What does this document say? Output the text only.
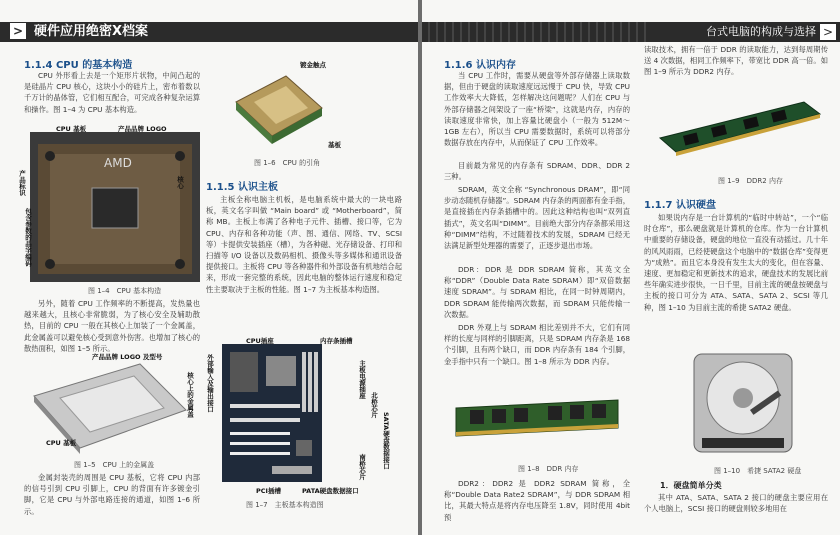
> 硬件应用绝密X档案
1.1.4 CPU 的基本构造
CPU 外形看上去是一个矩形片状物，中间凸起的是硅晶片 CPU 核心，这块小小的硅片上，密布着数以千万计的晶体管，它们相互配合，可完成各种复杂运算和操作。图 1–4 为 CPU 基本构造。
AMD
CPU 基板	产品品牌 LOGO
核心
产品标识
包含参数的品字编码
图 1–4　CPU 基本构造
另外，随着 CPU 工作频率的不断提高，发热量也越来越大，且核心非常脆弱，为了核心安全及辅助散热，目前的 CPU 一般在其核心上加装了一个金属盖，此金属盖可以避免核心受到意外伤害。也增加了核心的散热面积，如图 1–5 所示。
产品品牌 LOGO 及型号
核心上的金属盖
CPU 基板
图 1–5　CPU 上的金属盖
金属封装壳的周围是 CPU 基板，它将 CPU 内部的信号引到 CPU 引脚上，CPU 的背面有许多镀金引脚，它是 CPU 与外部电路连接的通道，如图 1–6 所示。
镀金触点
基板
图 1–6　CPU 的引角
1.1.5 认识主板
主板全称电脑主机板，是电脑系统中最大的一块电路板，英文名字叫做 “Main board” 或 “Motherboard”，简称 MB。主板上布满了各种电子元件、插槽、接口等，它为 CPU、内存和各种功能（声、图、通信、网络、TV、SCSI 等）卡提供安装插座（槽），为各种磁、光存储设备、打印和扫描等 I/O 设备以及数码相机、摄像头等多媒体和通讯设备提供接口。主板将 CPU 等各种器件和外部设备有机地结合起来，形成一套完整的系统，因此电脑的整体运行速度和稳定性主要取决于主板的性能。图 1–7 为主板基本构造图。
CPU插座	内存条插槽
外部输入及输出接口	主板电源插座
北桥芯片
SATA硬盘数据接口
南桥芯片
PCI插槽	PATA硬盘数据接口
图 1–7　主板基本构造图
台式电脑的构成与选择 >
1.1.6 认识内存
当 CPU 工作时，需要从硬盘等外部存储器上读取数据，但由于硬盘的读取速度远远慢于 CPU 快，导致 CPU 工作效率大大降低，怎样解决这问题呢？人们在 CPU 与外部存储器之间架设了一座“桥梁”，这就是内存，内存的读取速度非常快，加上容量比硬盘小（一般为 512M～1GB 左右），所以当 CPU 需要数据时，系统可以将部分数据存放在内存中，从而保证了 CPU 工作效率。
目前最为常见的内存条有 SDRAM、DDR、DDR 2 三种。
SDRAM，英文全称 “Synchronous DRAM”，即“同步动态随机存储器”。SDRAM 内存条的两面都有金手指，是直接插在内存条插槽中的。因此这种结构也叫“双列直插式”，英文名叫“DIMM”。目前绝大部分内存条都采用这种“DIMM”结构，不过随着技术的发展，SDRAM 已经无法满足新型处理器的需要了，正逐步退出市场。
DDR：DDR 是 DDR SDRAM 简称，其英文全称“DDR”（Double Data Rate SDRAM）即“双倍数据速度 SDRAM”。与 SDRAM 相比，在同一时钟周期内，DDR SDRAM 能传输两次数据，而 SDRAM 只能传输一次数据。
DDR 外观上与 SDRAM 相比差别并不大，它们有同样的长度与同样的引脚距离，只是 SDRAM 内存条是 168 个引脚，且有两个缺口，而 DDR 内存条有 184 个引脚，金手指中只有一个缺口。图 1–8 所示为 DDR 内存。
图 1–8　DDR 内存
DDR2：DDR2 是 DDR2 SDRAM 简称，全称“Double Data Rate2 SDRAM”，与 DDR SDRAM 相比，其最大特点是将内存电压降至 1.8V，同时使用 4bit 预
读取技术，拥有一倍于 DDR 的读取能力，达到每周期传送 4 次数据，相同工作频率下，带宽比 DDR 高一倍。如图 1–9 所示为 DDR2 内存。
图 1–9　DDR2 内存
1.1.7 认识硬盘
如果说内存是一台计算机的“临时中转站”，一个“临时仓库”，那么硬盘就是计算机的仓库。作为一台计算机中重要的存储设备，硬盘的地位一直没有动摇过。几十年的风风雨雨，已经使硬盘这个电脑中的“数据仓库”变得更为“成熟”。而且它本身没有发生太大的变化，但在容量、速度、更加稳定和更新技术的追求，硬盘技术的发展比前些年确实进步很快，一日千里，目前主流的硬盘按硬盘与主板的接口可分为 ATA、SATA、SATA 2、SCSI 等几种，图 1–10 为目前主流的希捷 SATA2 硬盘。
图 1–10　希捷 SATA2 硬盘
1．硬盘简单分类
其中 ATA、SATA、SATA 2 接口的硬盘主要应用在个人电脑上，SCSI 接口的硬盘则较多地用在
